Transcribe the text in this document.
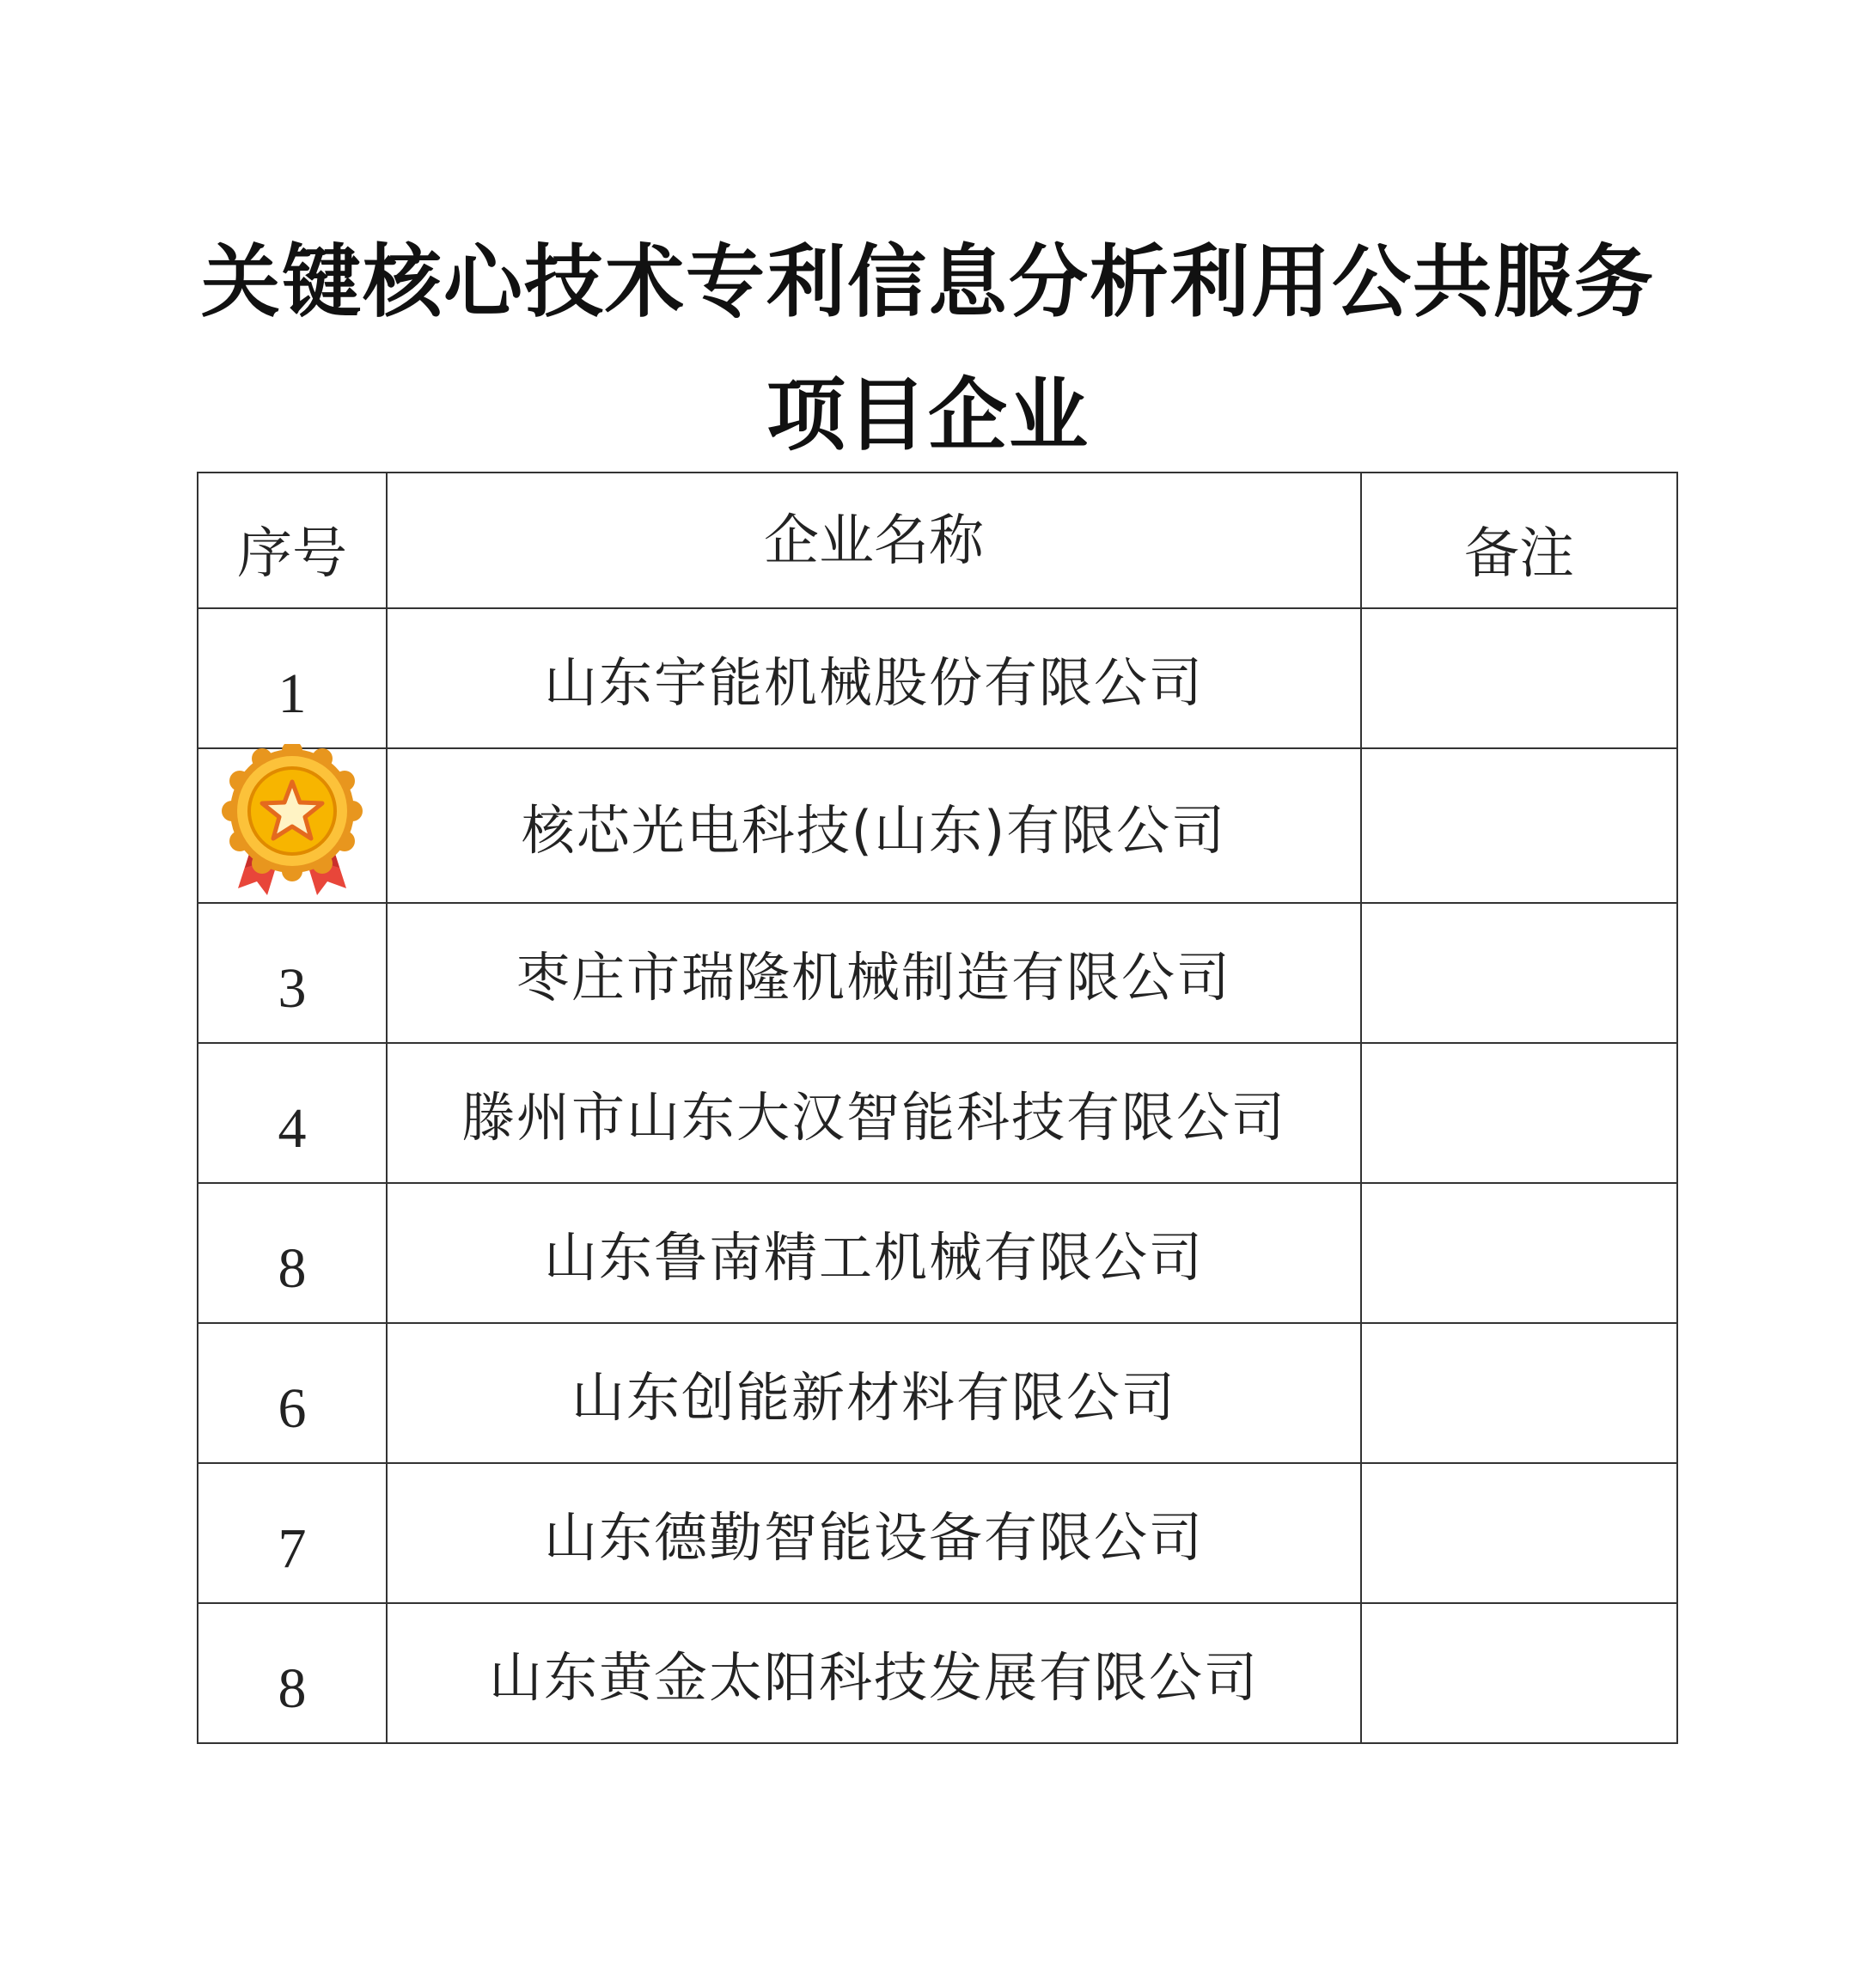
关键核心技术专利信息分析利用公共服务
项目企业
序号	企业名称	备注
1	山东宇能机械股份有限公司	

	核芯光电科技(山东)有限公司	
3	枣庄市瑞隆机械制造有限公司	
4	滕州市山东大汉智能科技有限公司	
8	山东鲁南精工机械有限公司	
6	山东创能新材料有限公司	
7	山东德勤智能设备有限公司	
8	山东黄金太阳科技发展有限公司	
